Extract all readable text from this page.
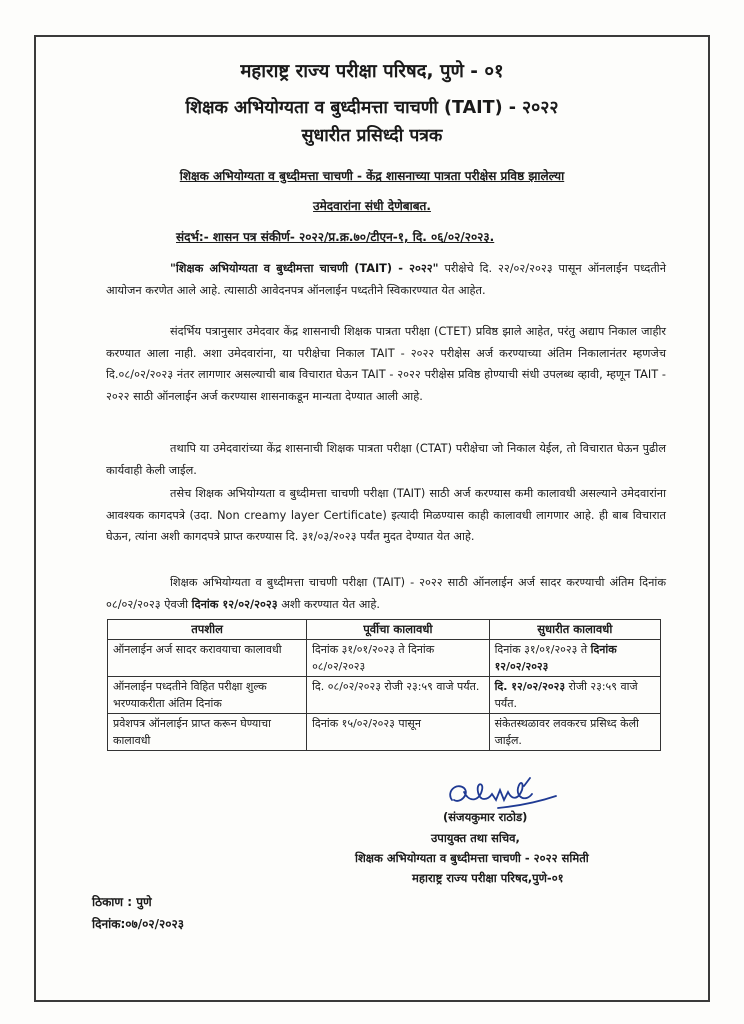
महाराष्ट्र राज्य परीक्षा परिषद, पुणे - ०१

शिक्षक अभियोग्यता व बुध्दीमत्ता चाचणी (TAIT) - २०२२

सुधारीत प्रसिध्दी पत्रक

शिक्षक अभियोग्यता व बुध्दीमत्ता चाचणी - केंद्र शासनाच्या पात्रता परीक्षेस प्रविष्ठ झालेल्या
उमेदवारांना संधी देणेबाबत.

संदर्भ:- शासन पत्र संकीर्ण- २०२२/प्र.क्र.७०/टीएन-१, दि. ०६/०२/२०२३.

"शिक्षक अभियोग्यता व बुध्दीमत्ता चाचणी (TAIT) - २०२२" परीक्षेचे दि. २२/०२/२०२३ पासून ऑनलाईन पध्दतीने आयोजन करणेत आले आहे. त्यासाठी आवेदनपत्र ऑनलाईन पध्दतीने स्विकारण्यात येत आहेत.

संदर्भिय पत्रानुसार उमेदवार केंद्र शासनाची शिक्षक पात्रता परीक्षा (CTET) प्रविष्ठ झाले आहेत, परंतु अद्याप निकाल जाहीर करण्यात आला नाही. अशा उमेदवारांना, या परीक्षेचा निकाल TAIT - २०२२ परीक्षेस अर्ज करण्याच्या अंतिम निकालानंतर म्हणजेच दि.०८/०२/२०२३ नंतर लागणार असल्याची बाब विचारात घेऊन TAIT - २०२२ परीक्षेस प्रविष्ठ होण्याची संधी उपलब्ध व्हावी, म्हणून TAIT - २०२२ साठी ऑनलाईन अर्ज करण्यास शासनाकडून मान्यता देण्यात आली आहे.

तथापि या उमेदवारांच्या केंद्र शासनाची शिक्षक पात्रता परीक्षा (CTAT) परीक्षेचा जो निकाल येईल, तो विचारात घेऊन पुढील कार्यवाही केली जाईल.

तसेच शिक्षक अभियोग्यता व बुध्दीमत्ता चाचणी परीक्षा (TAIT) साठी अर्ज करण्यास कमी कालावधी असल्याने उमेदवारांना आवश्यक कागदपत्रे (उदा. Non creamy layer Certificate) इत्यादी मिळण्यास काही कालावधी लागणार आहे. ही बाब विचारात घेऊन, त्यांना अशी कागदपत्रे प्राप्त करण्यास दि. ३१/०३/२०२३ पर्यंत मुदत देण्यात येत आहे.

शिक्षक अभियोग्यता व बुध्दीमत्ता चाचणी परीक्षा (TAIT) - २०२२ साठी ऑनलाईन अर्ज सादर करण्याची अंतिम दिनांक ०८/०२/२०२३ ऐवजी दिनांक १२/०२/२०२३ अशी करण्यात येत आहे.

तपशील	पूर्वीचा कालावधी	सुधारीत कालावधी
ऑनलाईन अर्ज सादर करावयाचा कालावधी	दिनांक ३१/०१/२०२३ ते दिनांक ०८/०२/२०२३	दिनांक ३१/०१/२०२३ ते दिनांक १२/०२/२०२३
ऑनलाईन पध्दतीने विहित परीक्षा शुल्क भरण्याकरीता अंतिम दिनांक	दि. ०८/०२/२०२३ रोजी २३:५९ वाजे पर्यंत.	दि. १२/०२/२०२३ रोजी २३:५९ वाजे पर्यंत.
प्रवेशपत्र ऑनलाईन प्राप्त करून घेण्याचा कालावधी	दिनांक १५/०२/२०२३ पासून	संकेतस्थळावर लवकरच प्रसिध्द केली जाईल.

(संजयकुमार राठोड)

उपायुक्त तथा सचिव,

शिक्षक अभियोग्यता व बुध्दीमत्ता चाचणी - २०२२ समिती

महाराष्ट्र राज्य परीक्षा परिषद,पुणे-०१

ठिकाण : पुणे

दिनांक:०७/०२/२०२३
